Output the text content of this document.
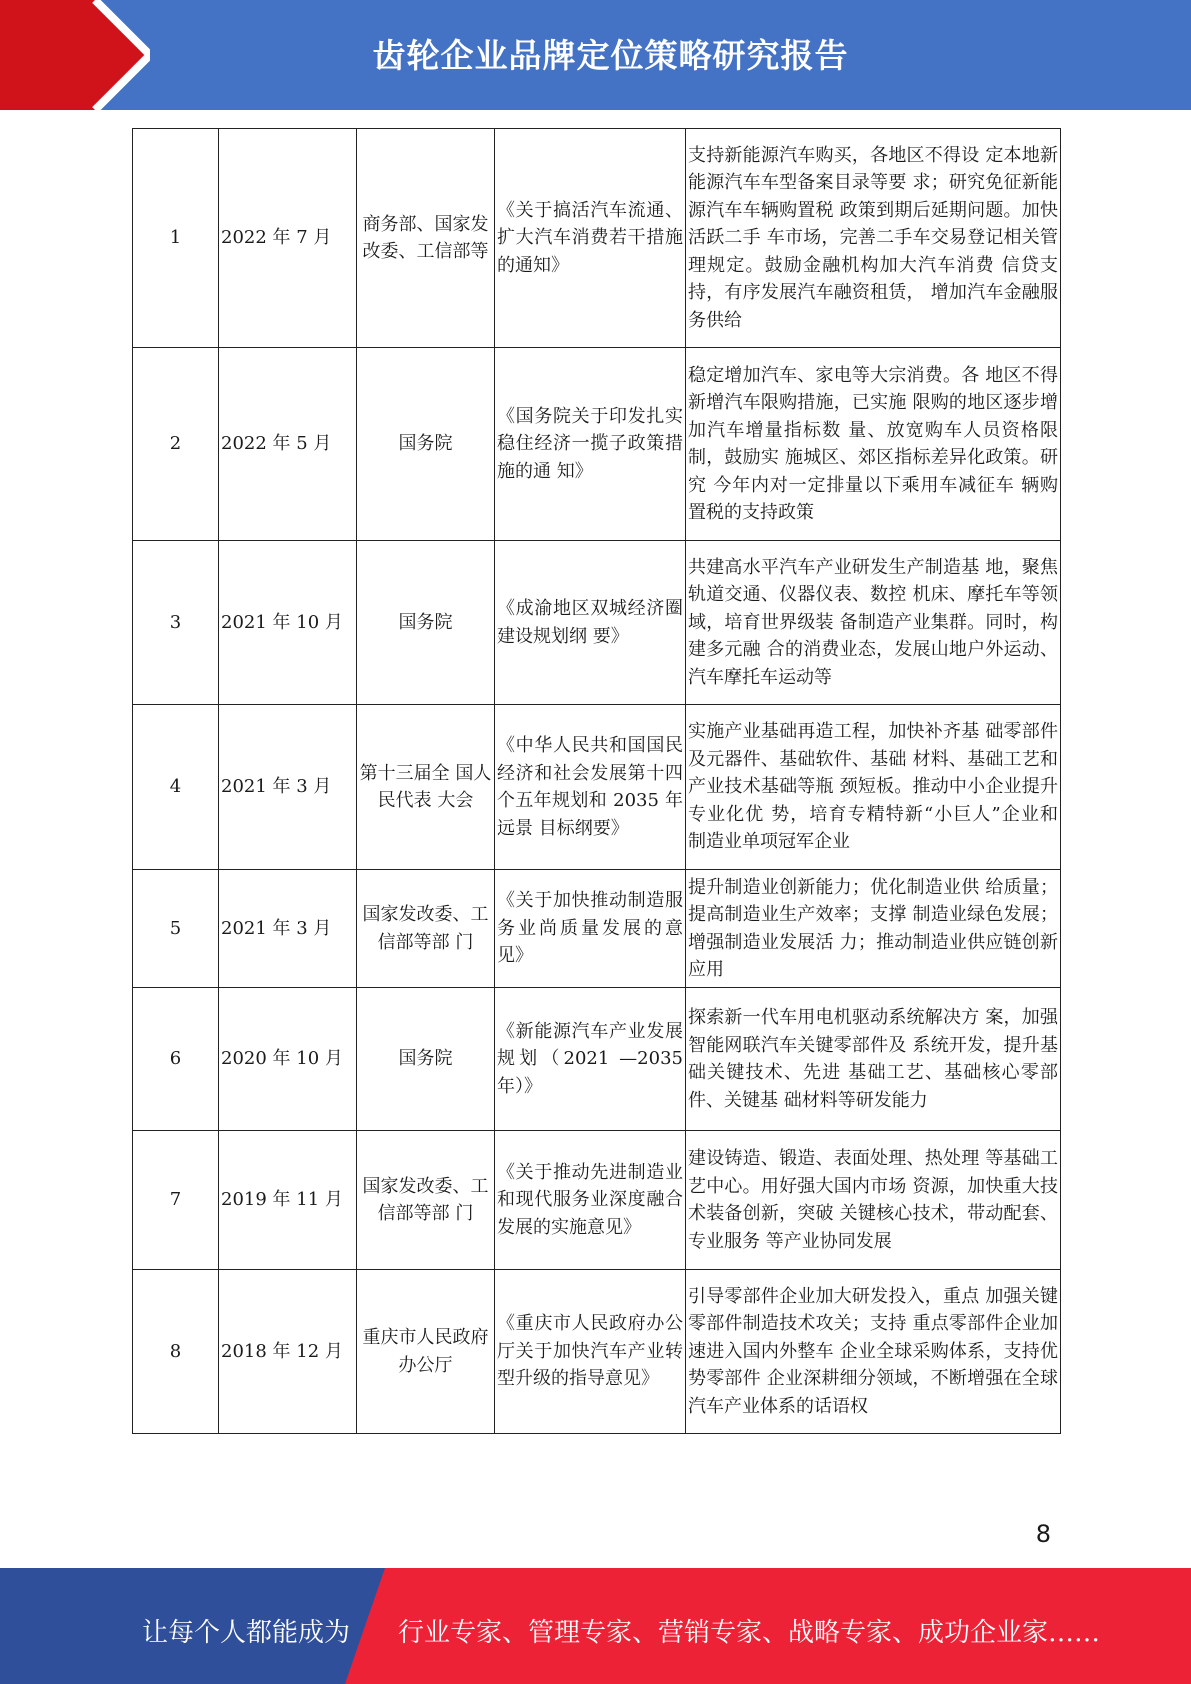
齿轮企业品牌定位策略研究报告
1	2022 年 7 月	商务部、国家发改委、工信部等	《关于搞活汽车流通、扩大汽车消费若干措施的通知》	支持新能源汽车购买，各地区不得设 定本地新能源汽车车型备案目录等要 求；研究免征新能源汽车车辆购置税 政策到期后延期问题。加快活跃二手 车市场，完善二手车交易登记相关管 理规定。鼓励金融机构加大汽车消费 信贷支持，有序发展汽车融资租赁， 增加汽车金融服务供给
2	2022 年 5 月	国务院	《国务院关于印发扎实稳住经济一揽子政策措施的通 知》	稳定增加汽车、家电等大宗消费。各 地区不得新增汽车限购措施，已实施 限购的地区逐步增加汽车增量指标数 量、放宽购车人员资格限制，鼓励实 施城区、郊区指标差异化政策。研究 今年内对一定排量以下乘用车减征车 辆购置税的支持政策
3	2021 年 10 月	国务院	《成渝地区双城经济圈建设规划纲 要》	共建高水平汽车产业研发生产制造基 地，聚焦轨道交通、仪器仪表、数控 机床、摩托车等领域，培育世界级装 备制造产业集群。同时，构建多元融 合的消费业态，发展山地户外运动、 汽车摩托车运动等
4	2021 年 3 月	第十三届全 国人民代表 大会	《中华人民共和国国民经济和社会发展第十四个五年规划和 2035 年远景 目标纲要》	实施产业基础再造工程，加快补齐基 础零部件及元器件、基础软件、基础 材料、基础工艺和产业技术基础等瓶 颈短板。推动中小企业提升专业化优 势，培育专精特新“小巨人”企业和 制造业单项冠军企业
5	2021 年 3 月	国家发改委、工信部等部 门	《关于加快推动制造服务业尚质量发展的意见》	提升制造业创新能力；优化制造业供 给质量；提高制造业生产效率；支撑 制造业绿色发展；增强制造业发展活 力；推动制造业供应链创新应用
6	2020 年 10 月	国务院	《新能源汽车产业发展规划（2021 —2035 年）》	探索新一代车用电机驱动系统解决方 案，加强智能网联汽车关键零部件及 系统开发，提升基础关键技术、先进 基础工艺、基础核心零部件、关键基 础材料等研发能力
7	2019 年 11 月	国家发改委、工信部等部 门	《关于推动先进制造业和现代服务业深度融合发展的实施意见》	建设铸造、锻造、表面处理、热处理 等基础工艺中心。用好强大国内市场 资源，加快重大技术装备创新，突破 关键核心技术，带动配套、专业服务 等产业协同发展
8	2018 年 12 月	重庆市人民政府办公厅	《重庆市人民政府办公厅关于加快汽车产业转型升级的指导意见》	引导零部件企业加大研发投入，重点 加强关键零部件制造技术攻关；支持 重点零部件企业加速进入国内外整车 企业全球采购体系，支持优势零部件 企业深耕细分领域，不断增强在全球 汽车产业体系的话语权
8
让每个人都能成为 行业专家、管理专家、营销专家、战略专家、成功企业家……
